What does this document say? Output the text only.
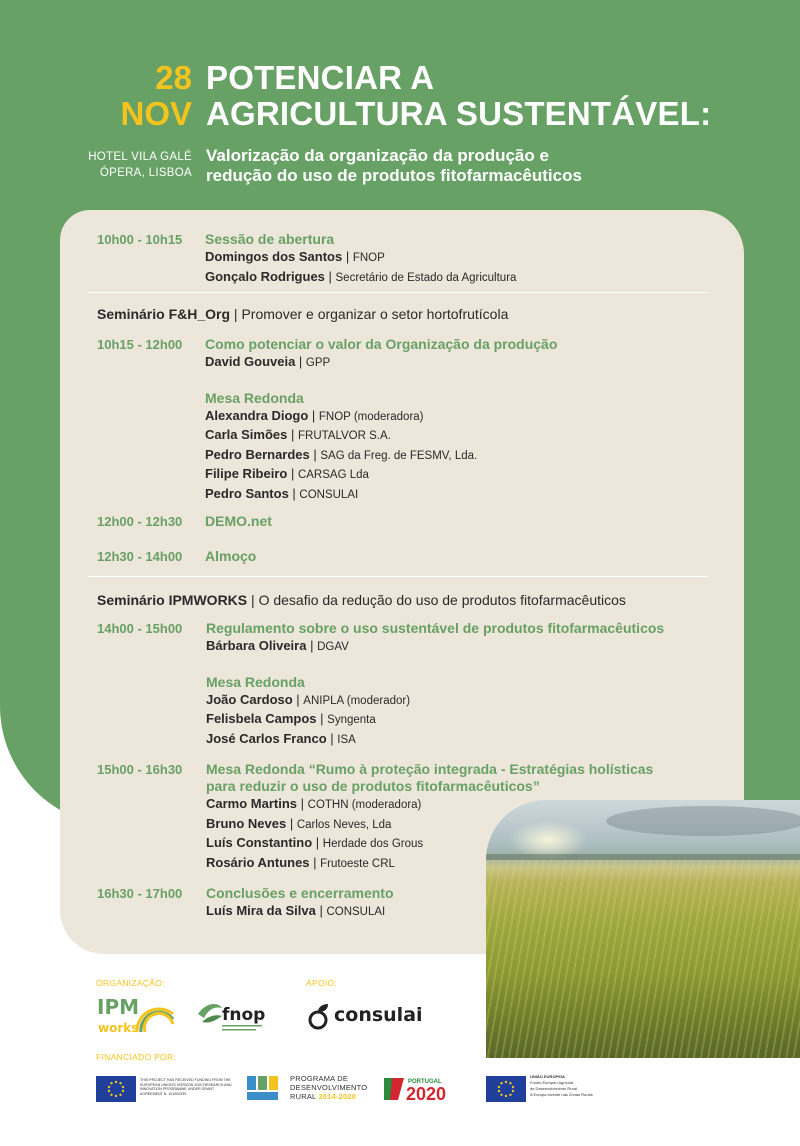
28
NOV
HOTEL VILA GALÉ
ÓPERA, LISBOA
POTENCIAR A
AGRICULTURA SUSTENTÁVEL:
Valorização da organização da produção e
redução do uso de produtos fitofarmacêuticos
10h00 - 10h15 Sessão de abertura
Domingos dos Santos | FNOP
Gonçalo Rodrigues | Secretário de Estado da Agricultura
Seminário F&H_Org | Promover e organizar o setor hortofrutícola
10h15 - 12h00 Como potenciar o valor da Organização da produção
David Gouveia | GPP
Mesa Redonda
Alexandra Diogo | FNOP (moderadora)
Carla Simões | FRUTALVOR S.A.
Pedro Bernardes | SAG da Freg. de FESMV, Lda.
Filipe Ribeiro | CARSAG Lda
Pedro Santos | CONSULAI
12h00 - 12h30 DEMO.net
12h30 - 14h00 Almoço
Seminário IPMWORKS | O desafio da redução do uso de produtos fitofarmacêuticos
14h00 - 15h00 Regulamento sobre o uso sustentável de produtos fitofarmacêuticos
Bárbara Oliveira | DGAV
Mesa Redonda
João Cardoso | ANIPLA (moderador)
Felisbela Campos | Syngenta
José Carlos Franco | ISA
15h00 - 16h30 Mesa Redonda “Rumo à proteção integrada - Estratégias holísticas
para reduzir o uso de produtos fitofarmacêuticos”
Carmo Martins | COTHN (moderadora)
Bruno Neves | Carlos Neves, Lda
Luís Constantino | Herdade dos Grous
Rosário Antunes | Frutoeste CRL
16h30 - 17h00 Conclusões e encerramento
Luís Mira da Silva | CONSULAI
ORGANIZAÇÃO:	APOIO:
FINANCIADO POR:
IPM
works
fnop	consulai
THIS PROJECT HAS RECEIVED FUNDING FROM THE EUROPEAN UNION'S HORIZON 2020 RESEARCH AND INNOVATION PROGRAMME UNDER GRANT AGREEMENT N. 101000339
PROGRAMA DE
DESENVOLVIMENTO
RURAL 2014-2020
PORTUGAL
2020
UNIÃO EUROPEIA
Fundo Europeu Agrícola
de Desenvolvimento Rural
A Europa investe nas Zonas Rurais
